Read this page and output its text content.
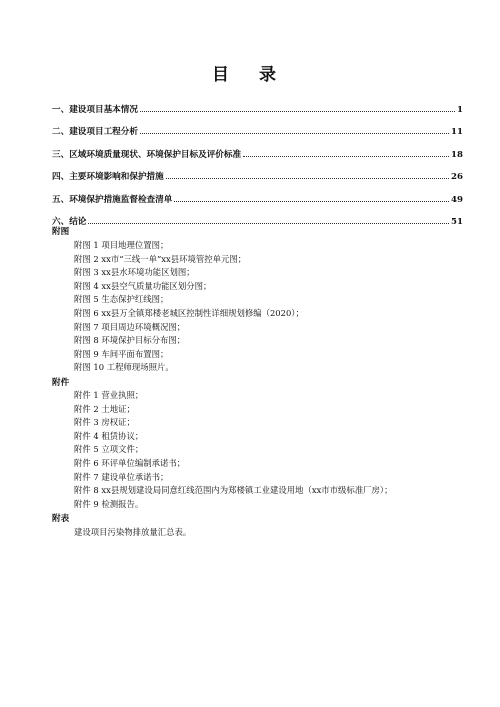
目 录
一、建设项目基本情况	1
二、建设项目工程分析	11
三、区域环境质量现状、环境保护目标及评价标准	18
四、主要环境影响和保护措施	26
五、环境保护措施监督检查清单	49
六、结论	51
附图
附图 1 项目地理位置图；
附图 2 xx市“三线一单”xx县环境管控单元图；
附图 3 xx县水环境功能区划图；
附图 4 xx县空气质量功能区划分图；
附图 5 生态保护红线图；
附图 6 xx县万全镇郑楼老城区控制性详细规划修编（2020）；
附图 7 项目周边环境概况图；
附图 8 环境保护目标分布图；
附图 9 车间平面布置图；
附图 10 工程师现场照片。
附件
附件 1 营业执照；
附件 2 土地证；
附件 3 房权证；
附件 4 租赁协议；
附件 5 立项文件；
附件 6 环评单位编制承诺书；
附件 7 建设单位承诺书；
附件 8 xx县规划建设局同意红线范围内为郑楼镇工业建设用地（xx市市级标准厂房）；
附件 9 检测报告。
附表
建设项目污染物排放量汇总表。
